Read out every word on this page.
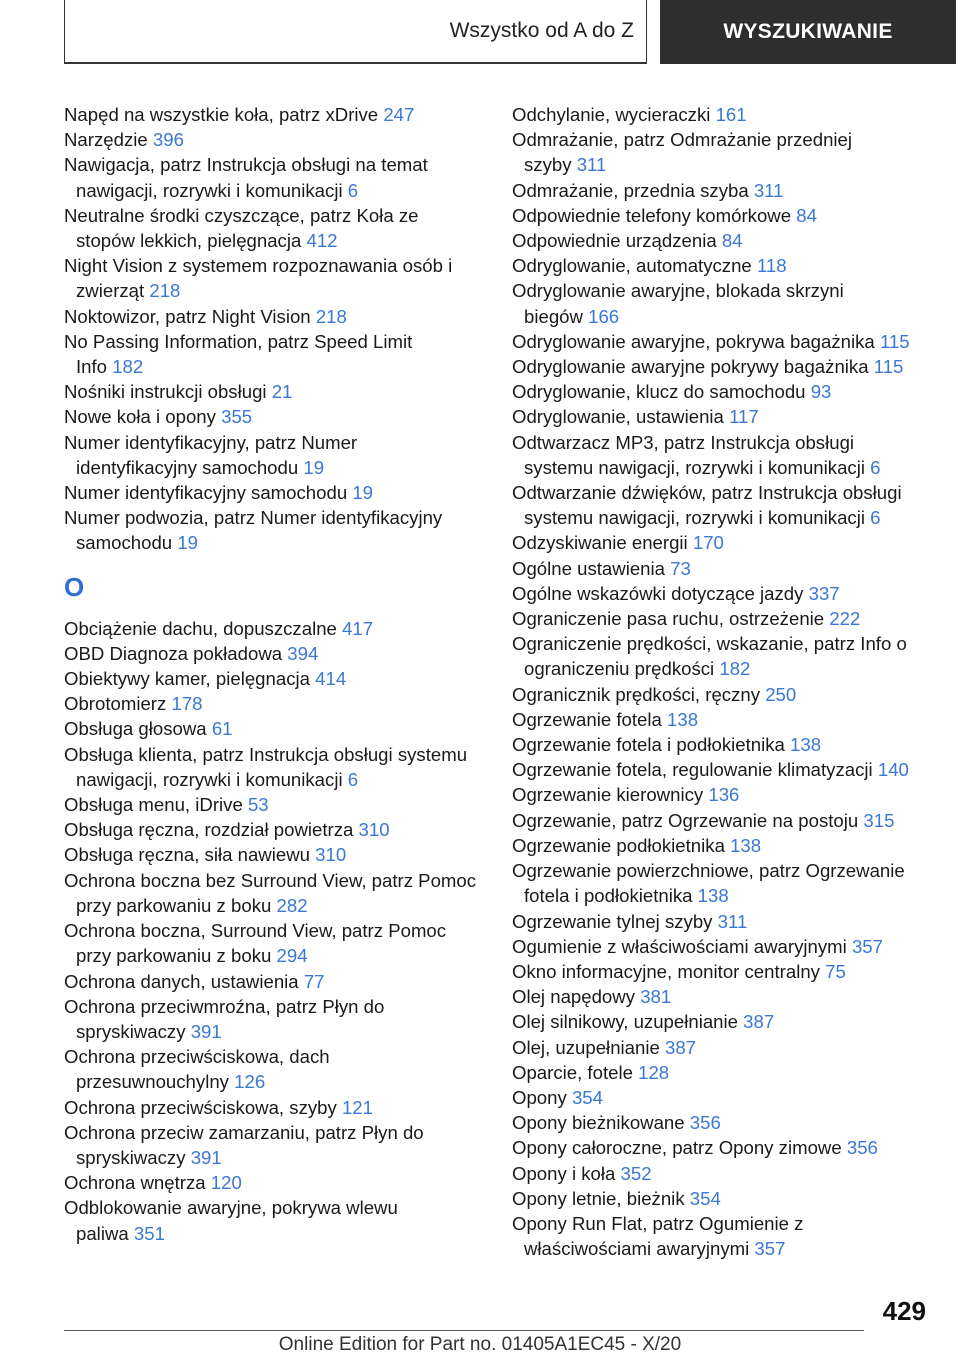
Wszystko od A do Z	WYSZUKIWANIE

Napęd na wszystkie koła, patrz xDrive 247

Narzędzie 396

Nawigacja, patrz Instrukcja obsługi na temat nawigacji, rozrywki i komunikacji 6

Neutralne środki czyszczące, patrz Koła ze stopów lekkich, pielęgnacja 412

Night Vision z systemem rozpoznawania osób i zwierząt 218

Noktowizor, patrz Night Vision 218

No Passing Information, patrz Speed Limit Info 182

Nośniki instrukcji obsługi 21

Nowe koła i opony 355

Numer identyfikacyjny, patrz Numer identyfikacyjny samochodu 19

Numer identyfikacyjny samochodu 19

Numer podwozia, patrz Numer identyfikacyjny samochodu 19

O

Obciążenie dachu, dopuszczalne 417

OBD Diagnoza pokładowa 394

Obiektywy kamer, pielęgnacja 414

Obrotomierz 178

Obsługa głosowa 61

Obsługa klienta, patrz Instrukcja obsługi systemu nawigacji, rozrywki i komunikacji 6

Obsługa menu, iDrive 53

Obsługa ręczna, rozdział powietrza 310

Obsługa ręczna, siła nawiewu 310

Ochrona boczna bez Surround View, patrz Pomoc przy parkowaniu z boku 282

Ochrona boczna, Surround View, patrz Pomoc przy parkowaniu z boku 294

Ochrona danych, ustawienia 77

Ochrona przeciwmroźna, patrz Płyn do spryskiwaczy 391

Ochrona przeciwściskowa, dach przesuwnouchylny 126

Ochrona przeciwściskowa, szyby 121

Ochrona przeciw zamarzaniu, patrz Płyn do spryskiwaczy 391

Ochrona wnętrza 120

Odblokowanie awaryjne, pokrywa wlewu paliwa 351

Odchylanie, wycieraczki 161

Odmrażanie, patrz Odmrażanie przedniej szyby 311

Odmrażanie, przednia szyba 311

Odpowiednie telefony komórkowe 84

Odpowiednie urządzenia 84

Odryglowanie, automatyczne 118

Odryglowanie awaryjne, blokada skrzyni biegów 166

Odryglowanie awaryjne, pokrywa bagażnika 115

Odryglowanie awaryjne pokrywy bagażnika 115

Odryglowanie, klucz do samochodu 93

Odryglowanie, ustawienia 117

Odtwarzacz MP3, patrz Instrukcja obsługi systemu nawigacji, rozrywki i komunikacji 6

Odtwarzanie dźwięków, patrz Instrukcja obsługi systemu nawigacji, rozrywki i komunikacji 6

Odzyskiwanie energii 170

Ogólne ustawienia 73

Ogólne wskazówki dotyczące jazdy 337

Ograniczenie pasa ruchu, ostrzeżenie 222

Ograniczenie prędkości, wskazanie, patrz Info o ograniczeniu prędkości 182

Ogranicznik prędkości, ręczny 250

Ogrzewanie fotela 138

Ogrzewanie fotela i podłokietnika 138

Ogrzewanie fotela, regulowanie klimatyzacji 140

Ogrzewanie kierownicy 136

Ogrzewanie, patrz Ogrzewanie na postoju 315

Ogrzewanie podłokietnika 138

Ogrzewanie powierzchniowe, patrz Ogrzewanie fotela i podłokietnika 138

Ogrzewanie tylnej szyby 311

Ogumienie z właściwościami awaryjnymi 357

Okno informacyjne, monitor centralny 75

Olej napędowy 381

Olej silnikowy, uzupełnianie 387

Olej, uzupełnianie 387

Oparcie, fotele 128

Opony 354

Opony bieżnikowane 356

Opony całoroczne, patrz Opony zimowe 356

Opony i koła 352

Opony letnie, bieżnik 354

Opony Run Flat, patrz Ogumienie z właściwościami awaryjnymi 357

429
Online Edition for Part no. 01405A1EC45 - X/20
